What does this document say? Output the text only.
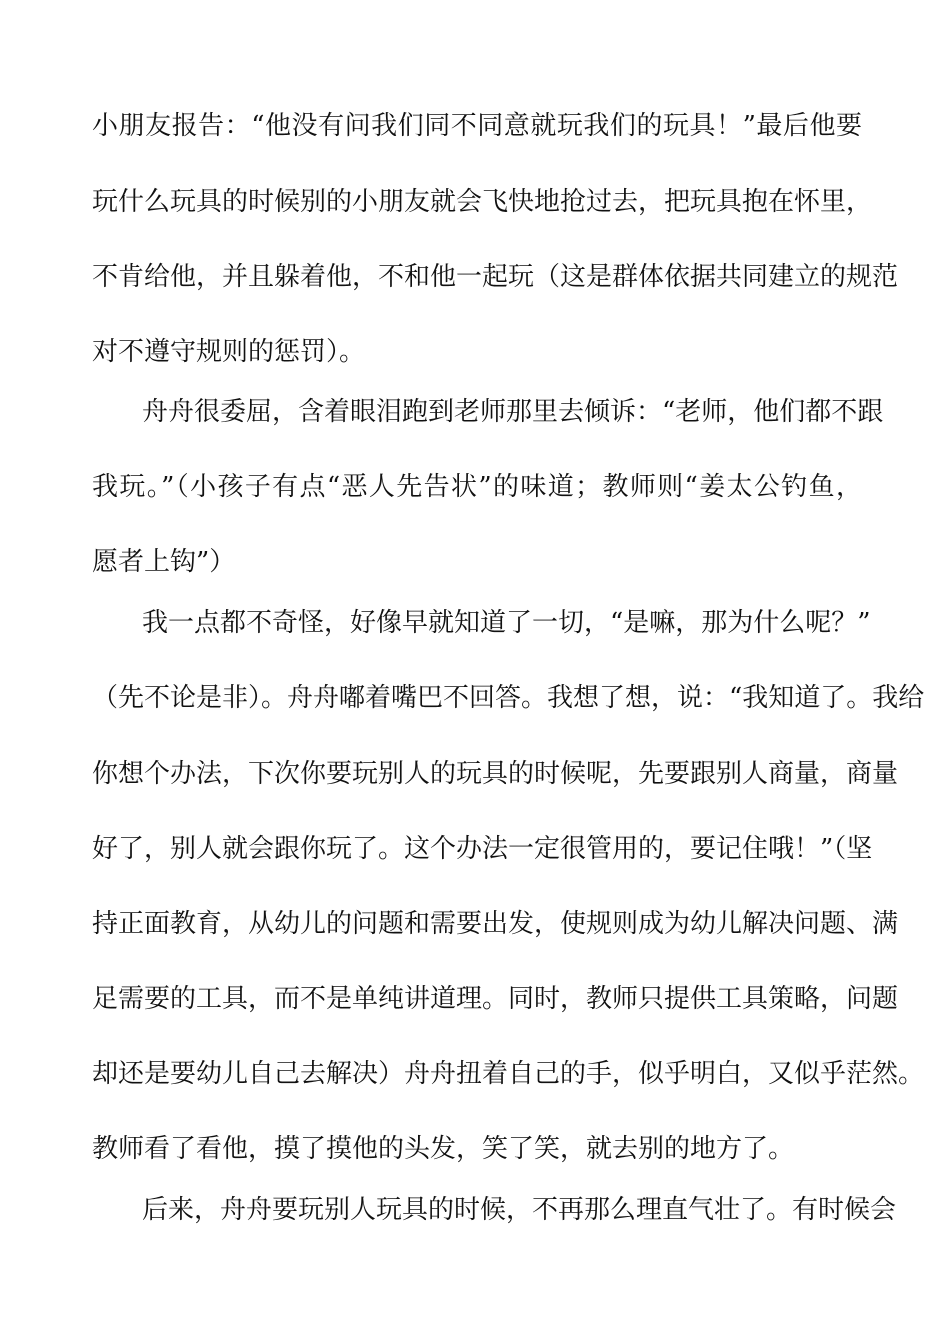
小朋友报告：“他没有问我们同不同意就玩我们的玩具！”最后他要
玩什么玩具的时候别的小朋友就会飞快地抢过去，把玩具抱在怀里，
不肯给他，并且躲着他，不和他一起玩（这是群体依据共同建立的规范
对不遵守规则的惩罚）。
舟舟很委屈，含着眼泪跑到老师那里去倾诉：“老师，他们都不跟
我玩。”（小孩子有点“恶人先告状”的味道；教师则“姜太公钓鱼，
愿者上钩”）
我一点都不奇怪，好像早就知道了一切，“是嘛，那为什么呢？”
（先不论是非）。舟舟嘟着嘴巴不回答。我想了想，说：“我知道了。我给
你想个办法，下次你要玩别人的玩具的时候呢，先要跟别人商量，商量
好了，别人就会跟你玩了。这个办法一定很管用的，要记住哦！”（坚
持正面教育，从幼儿的问题和需要出发，使规则成为幼儿解决问题、满
足需要的工具，而不是单纯讲道理。同时，教师只提供工具策略，问题
却还是要幼儿自己去解决）舟舟扭着自己的手，似乎明白，又似乎茫然。
教师看了看他，摸了摸他的头发，笑了笑，就去别的地方了。
后来，舟舟要玩别人玩具的时候，不再那么理直气壮了。有时候会
